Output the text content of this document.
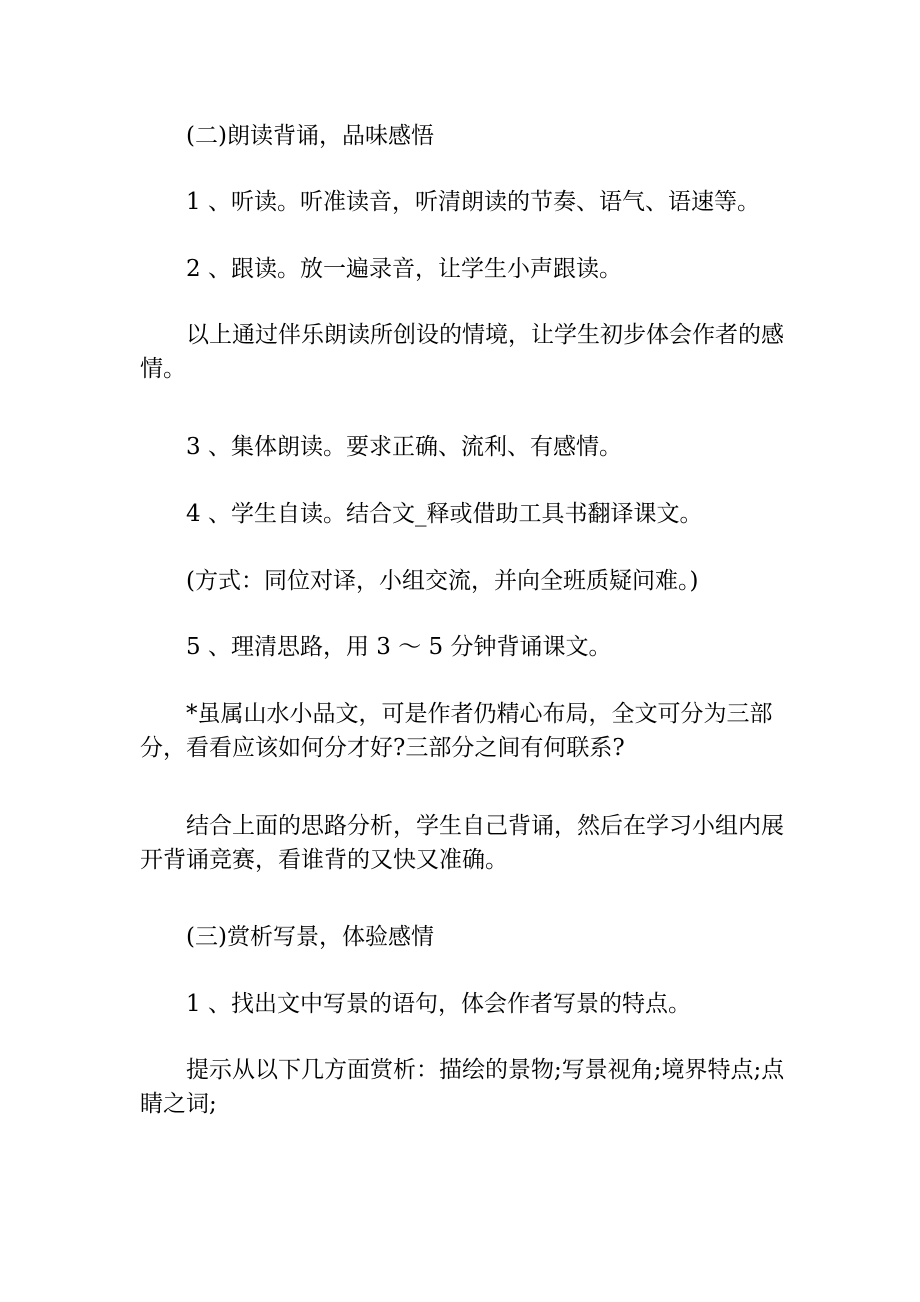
(二)朗读背诵，品味感悟

1 、听读。听准读音，听清朗读的节奏、语气、语速等。

2 、跟读。放一遍录音，让学生小声跟读。

以上通过伴乐朗读所创设的情境，让学生初步体会作者的感情。

3 、集体朗读。要求正确、流利、有感情。

4 、学生自读。结合文_释或借助工具书翻译课文。

(方式：同位对译，小组交流，并向全班质疑问难。)

5 、理清思路，用 3 ～ 5 分钟背诵课文。

*虽属山水小品文，可是作者仍精心布局，全文可分为三部分，看看应该如何分才好?三部分之间有何联系?

结合上面的思路分析，学生自己背诵，然后在学习小组内展开背诵竞赛，看谁背的又快又准确。

(三)赏析写景，体验感情

1 、找出文中写景的语句，体会作者写景的特点。

提示从以下几方面赏析：描绘的景物;写景视角;境界特点;点睛之词;
